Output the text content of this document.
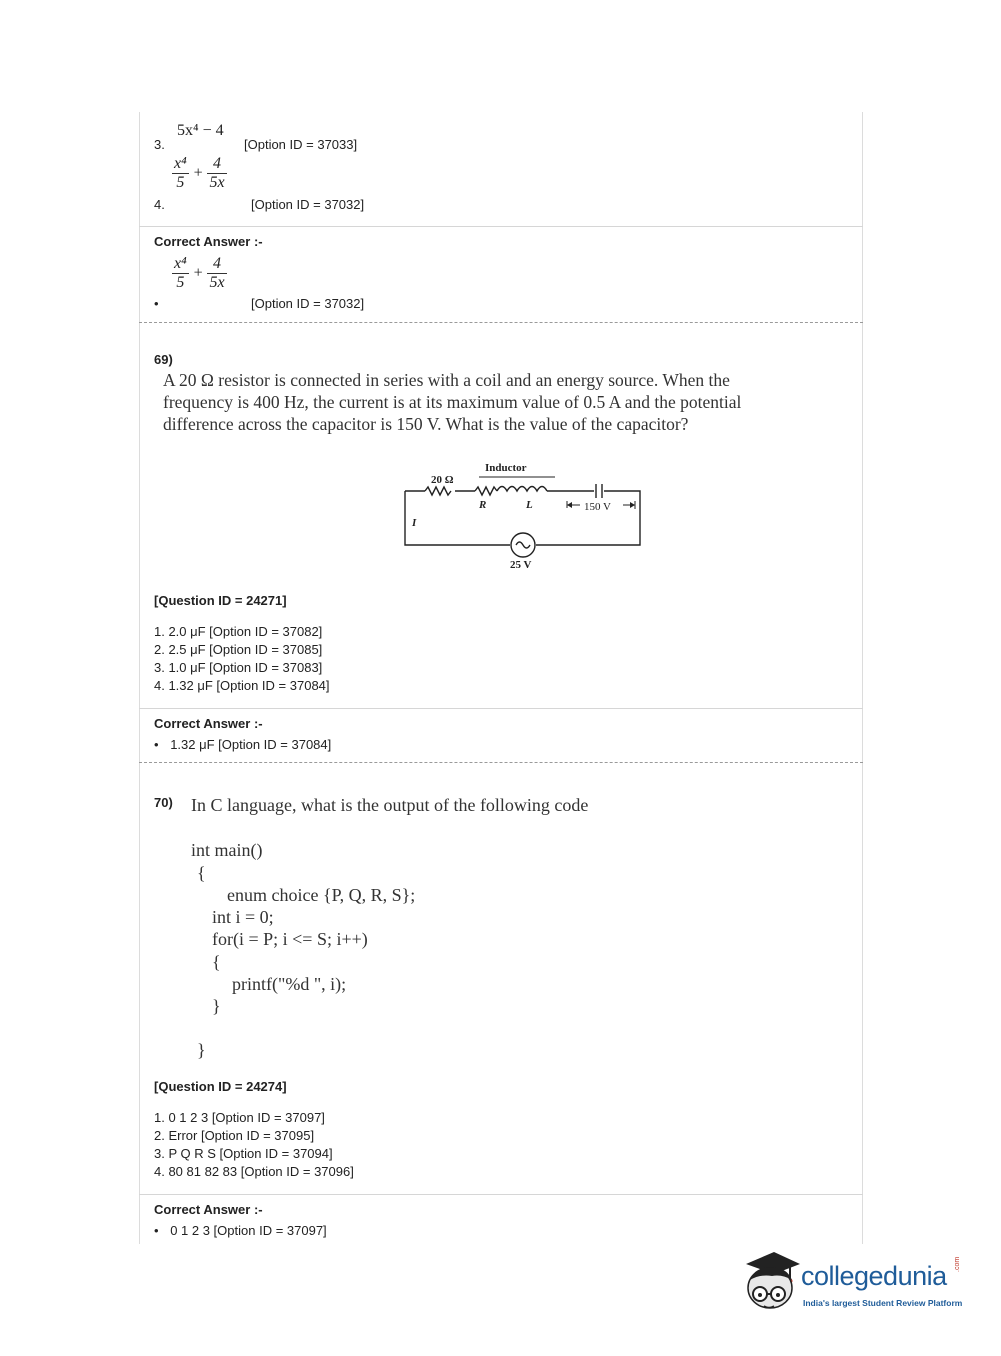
3.
5x⁴ − 4
[Option ID = 37033]
4.
$\frac{\text{x⁴}}{5} + \frac{4}{5x}$
[Option ID = 37032]
Correct Answer :-
•
$\frac{\text{x⁴}}{5} + \frac{4}{5x}$
[Option ID = 37032]
69)
A 20 Ω resistor is connected in series with a coil and an energy source. When the
frequency is 400 Hz, the current is at its maximum value of 0.5 A and the potential
difference across the capacitor is 150 V. What is the value of the capacitor?
20 Ω
Inductor
R	L	150 V
I
25 V
[Question ID = 24271]
1. 2.0 μF [Option ID = 37082]
2. 2.5 μF [Option ID = 37085]
3. 1.0 μF [Option ID = 37083]
4. 1.32 μF [Option ID = 37084]
Correct Answer :-
• 1.32 μF [Option ID = 37084]
70) In C language, what is the output of the following code
int main()
{
enum choice {P, Q, R, S};
int i = 0;
for(i = P; i <= S; i++)
{
printf("%d ", i);
}
}
[Question ID = 24274]
1. 0 1 2 3 [Option ID = 37097]
2. Error [Option ID = 37095]
3. P Q R S [Option ID = 37094]
4. 80 81 82 83 [Option ID = 37096]
Correct Answer :-
• 0 1 2 3 [Option ID = 37097]
collegedunia .com
India's largest Student Review Platform
